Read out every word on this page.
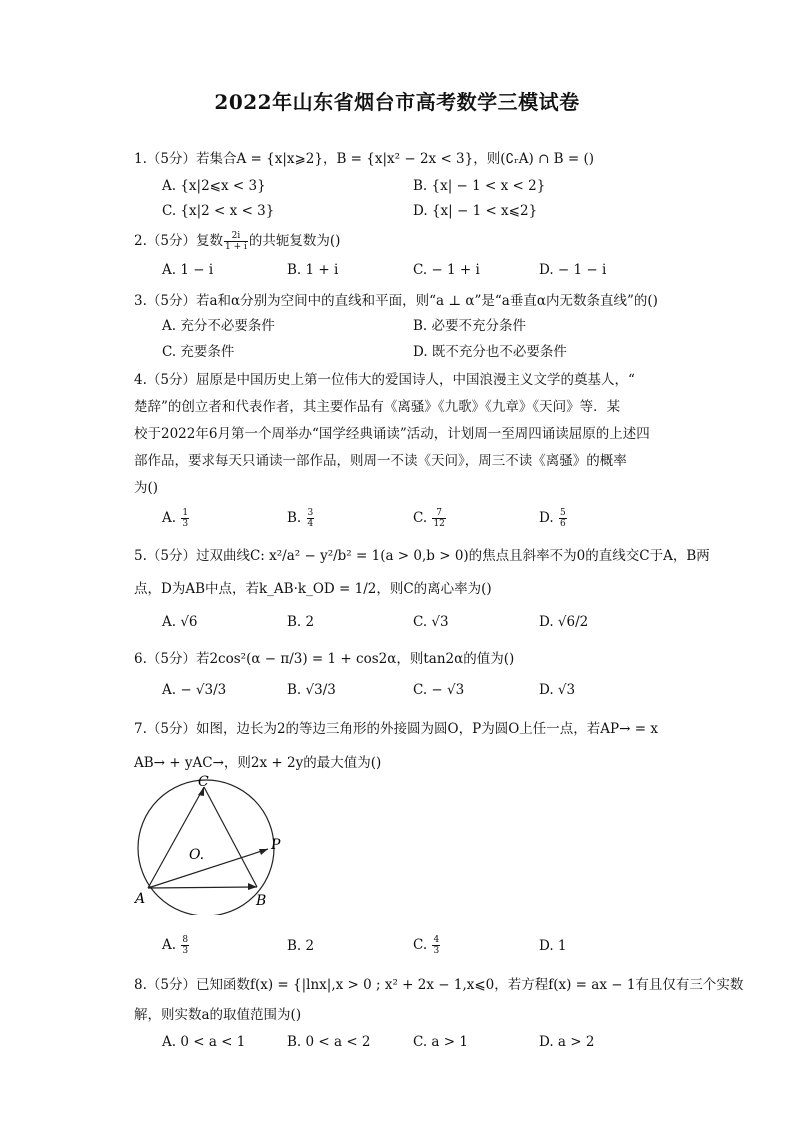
2022年山东省烟台市高考数学三模试卷
1.（5分）若集合A = {x|x⩾2}，B = {x|x² − 2x < 3}，则(∁ᵣA) ∩ B = ()
A. {x|2⩽x < 3}	B. {x| − 1 < x < 2}
C. {x|2 < x < 3}	D. {x| − 1 < x⩽2}
2.（5分）复数 $\frac{2i}{1 + i}$ 的共轭复数为()
A. 1 − i	B. 1 + i	C. − 1 + i	D. − 1 − i
3.（5分）若a和α分别为空间中的直线和平面，则“a ⊥ α”是“a垂直α内无数条直线”的()
A. 充分不必要条件	B. 必要不充分条件
C. 充要条件	D. 既不充分也不必要条件
4.（5分）屈原是中国历史上第一位伟大的爱国诗人，中国浪漫主义文学的奠基人，“
楚辞”的创立者和代表作者，其主要作品有《离骚》《九歌》《九章》《天问》等．某
校于2022年6月第一个周举办“国学经典诵读”活动，计划周一至周四诵读屈原的上述四
部作品，要求每天只诵读一部作品，则周一不读《天问》，周三不读《离骚》的概率
为()
A. $\frac{1}{3}$	B. $\frac{3}{4}$	C. $\frac{7}{12}$	D. $\frac{5}{6}$
5.（5分）过双曲线C: x²/a² − y²/b² = 1(a > 0,b > 0)的焦点且斜率不为0的直线交C于A，B两
点，D为AB中点，若k_AB·k_OD = 1/2，则C的离心率为()
A. √6	B. 2	C. √3	D. √6/2
6.（5分）若2cos²(α − π/3) = 1 + cos2α，则tan2α的值为()
A. − √3/3	B. √3/3	C. − √3	D. √3
7.（5分）如图，边长为2的等边三角形的外接圆为圆O，P为圆O上任一点，若AP→ = x
AB→ + yAC→，则2x + 2y的最大值为()
C
A	B
O.
P
A. $\frac{8}{3}$	B. 2	C. $\frac{4}{3}$	D. 1
8.（5分）已知函数f(x) = {|lnx|,x > 0 ; x² + 2x − 1,x⩽0，若方程f(x) = ax − 1有且仅有三个实数
解，则实数a的取值范围为()
A. 0 < a < 1	B. 0 < a < 2	C. a > 1	D. a > 2
